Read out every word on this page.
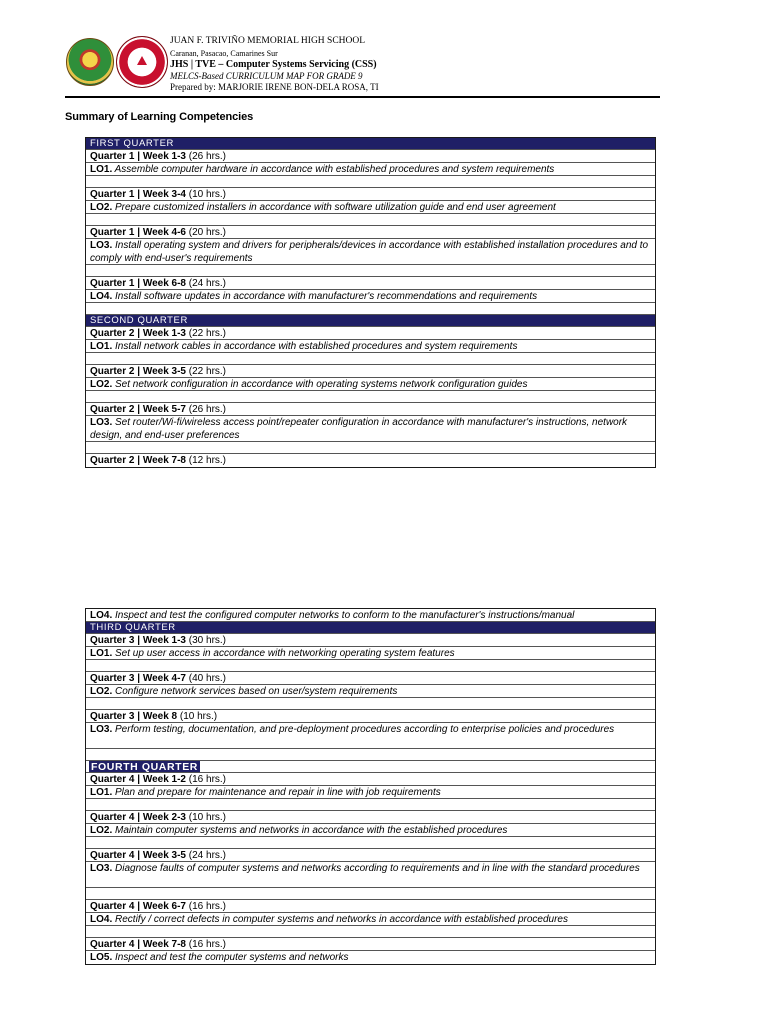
JUAN F. TRIVIÑO MEMORIAL HIGH SCHOOL
Caranan, Pasacao, Camarines Sur
JHS | TVE – Computer Systems Servicing (CSS)
MELCS-Based CURRICULUM MAP FOR GRADE 9
Prepared by: MARJORIE IRENE BON-DELA ROSA, TI
Summary of Learning Competencies
FIRST QUARTER
Quarter 1 | Week 1-3 (26 hrs.)
LO1. Assemble computer hardware in accordance with established procedures and system requirements
Quarter 1 | Week 3-4 (10 hrs.)
LO2. Prepare customized installers in accordance with software utilization guide and end user agreement
Quarter 1 | Week 4-6 (20 hrs.)
LO3. Install operating system and drivers for peripherals/devices in accordance with established installation procedures and to comply with end-user's requirements
Quarter 1 | Week 6-8 (24 hrs.)
LO4. Install software updates in accordance with manufacturer's recommendations and requirements
SECOND QUARTER
Quarter 2 | Week 1-3 (22 hrs.)
LO1. Install network cables in accordance with established procedures and system requirements
Quarter 2 | Week 3-5 (22 hrs.)
LO2. Set network configuration in accordance with operating systems network configuration guides
Quarter 2 | Week 5-7 (26 hrs.)
LO3. Set router/Wi-fi/wireless access point/repeater configuration in accordance with manufacturer's instructions, network design, and end-user preferences
Quarter 2 | Week 7-8 (12 hrs.)
LO4. Inspect and test the configured computer networks to conform to the manufacturer's instructions/manual
THIRD QUARTER
Quarter 3 | Week 1-3 (30 hrs.)
LO1. Set up user access in accordance with networking operating system features
Quarter 3 | Week 4-7 (40 hrs.)
LO2. Configure network services based on user/system requirements
Quarter 3 | Week 8 (10 hrs.)
LO3. Perform testing, documentation, and pre-deployment procedures according to enterprise policies and procedures
FOURTH QUARTER
Quarter 4 | Week 1-2 (16 hrs.)
LO1. Plan and prepare for maintenance and repair in line with job requirements
Quarter 4 | Week 2-3 (10 hrs.)
LO2. Maintain computer systems and networks in accordance with the established procedures
Quarter 4 | Week 3-5 (24 hrs.)
LO3. Diagnose faults of computer systems and networks according to requirements and in line with the standard procedures
Quarter 4 | Week 6-7 (16 hrs.)
LO4. Rectify / correct defects in computer systems and networks in accordance with established procedures
Quarter 4 | Week 7-8 (16 hrs.)
LO5. Inspect and test the computer systems and networks
